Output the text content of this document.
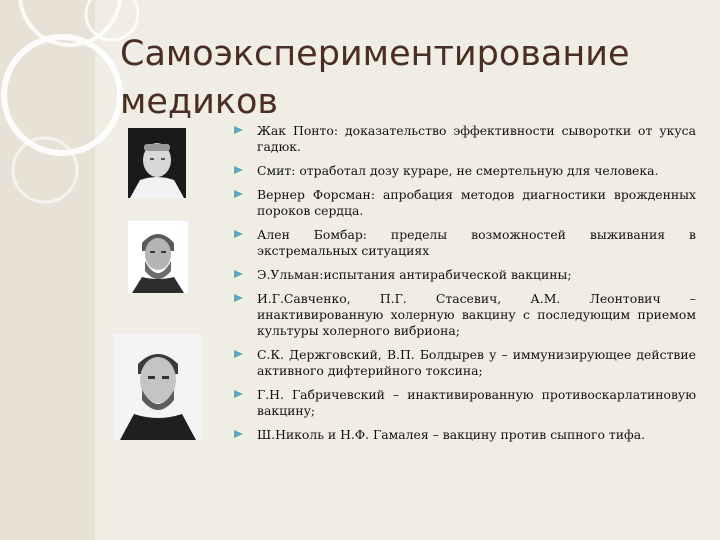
Самоэкспериментирование
медиков
Жак Понто: доказательство эффективности сыворотки от укуса гадюк.
Смит: отработал дозу кураре, не смертельную для человека.
Вернер Форсман: апробация методов диагностики врожденных пороков сердца.
Ален Бомбар: пределы возможностей выживания в экстремальных ситуациях
Э.Ульман:испытания антирабической вакцины;
И.Г.Савченко, П.Г. Стасевич, А.М. Леонтович – инактивированную холерную вакцину с последующим приемом культуры холерного вибриона;
С.К. Держговский, В.П. Болдырев у – иммунизирующее действие активного дифтерийного токсина;
Г.Н. Габричевский – инактивированную противоскарлатиновую вакцину;
Ш.Николь и Н.Ф. Гамалея – вакцину против сыпного тифа.
